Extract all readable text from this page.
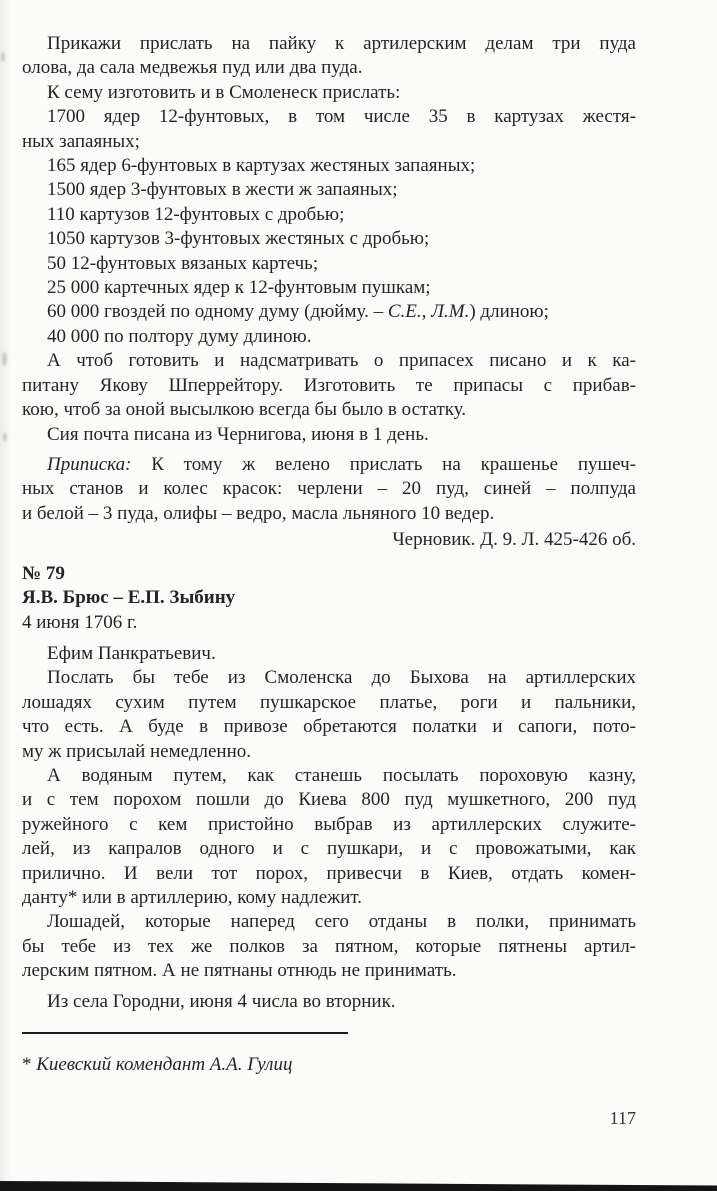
Прикажи прислать на пайку к артилерским делам три пуда
олова, да сала медвежья пуд или два пуда.
К сему изготовить и в Смоленеск прислать:
1700 ядер 12-фунтовых, в том числе 35 в картузах жестя-
ных запаяных;
165 ядер 6-фунтовых в картузах жестяных запаяных;
1500 ядер 3-фунтовых в жести ж запаяных;
110 картузов 12-фунтовых с дробью;
1050 картузов 3-фунтовых жестяных с дробью;
50 12-фунтовых вязаных картечь;
25 000 картечных ядер к 12-фунтовым пушкам;
60 000 гвоздей по одному думу (дюйму. – С.Е., Л.М.) длиною;
40 000 по полтору думу длиною.
А чтоб готовить и надсматривать о припасех писано и к ка-
питану Якову Шперрейтору. Изготовить те припасы с прибав-
кою, чтоб за оной высылкою всегда бы было в остатку.
Сия почта писана из Чернигова, июня в 1 день.
Приписка: К тому ж велено прислать на крашенье пушеч-
ных станов и колес красок: черлени – 20 пуд, синей – полпуда
и белой – 3 пуда, олифы – ведро, масла льняного 10 ведер.
Черновик. Д. 9. Л. 425-426 об.
№ 79
Я.В. Брюс – Е.П. Зыбину
4 июня 1706 г.
Ефим Панкратьевич.
Послать бы тебе из Смоленска до Быхова на артиллерских
лошадях сухим путем пушкарское платье, роги и пальники,
что есть. А буде в привозе обретаются полатки и сапоги, пото-
му ж присылай немедленно.
А водяным путем, как станешь посылать пороховую казну,
и с тем порохом пошли до Киева 800 пуд мушкетного, 200 пуд
ружейного с кем пристойно выбрав из артиллерских служите-
лей, из капралов одного и с пушкари, и с провожатыми, как
прилично. И вели тот порох, привесчи в Киев, отдать комен-
данту* или в артиллерию, кому надлежит.
Лошадей, которые наперед сего отданы в полки, принимать
бы тебе из тех же полков за пятном, которые пятнены артил-
лерским пятном. А не пятнаны отнюдь не принимать.
Из села Городни, июня 4 числа во вторник.
* Киевский комендант А.А. Гулиц
117
